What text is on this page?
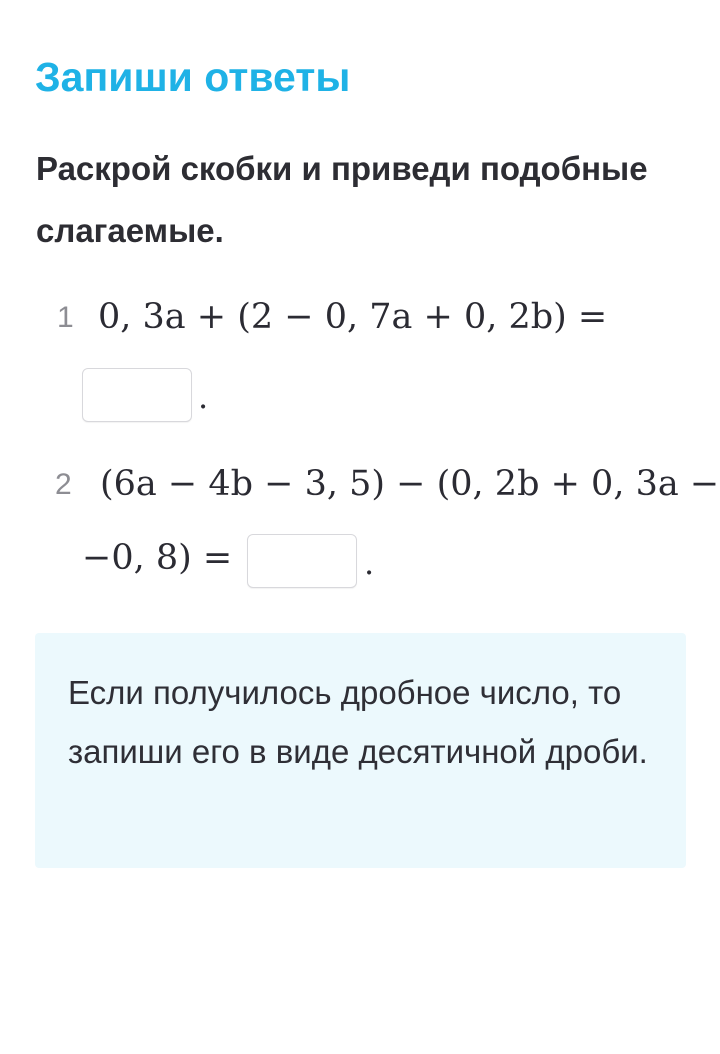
Запиши ответы

Раскрой скобки и приведи подобные слагаемые.

1 0, 3a + (2 − 0, 7a + 0, 2b) =
.
2 (6a − 4b − 3, 5) − (0, 2b + 0, 3a −
−0, 8) =	.

Если получилось дробное число, то запиши его в виде десятичной дроби.
